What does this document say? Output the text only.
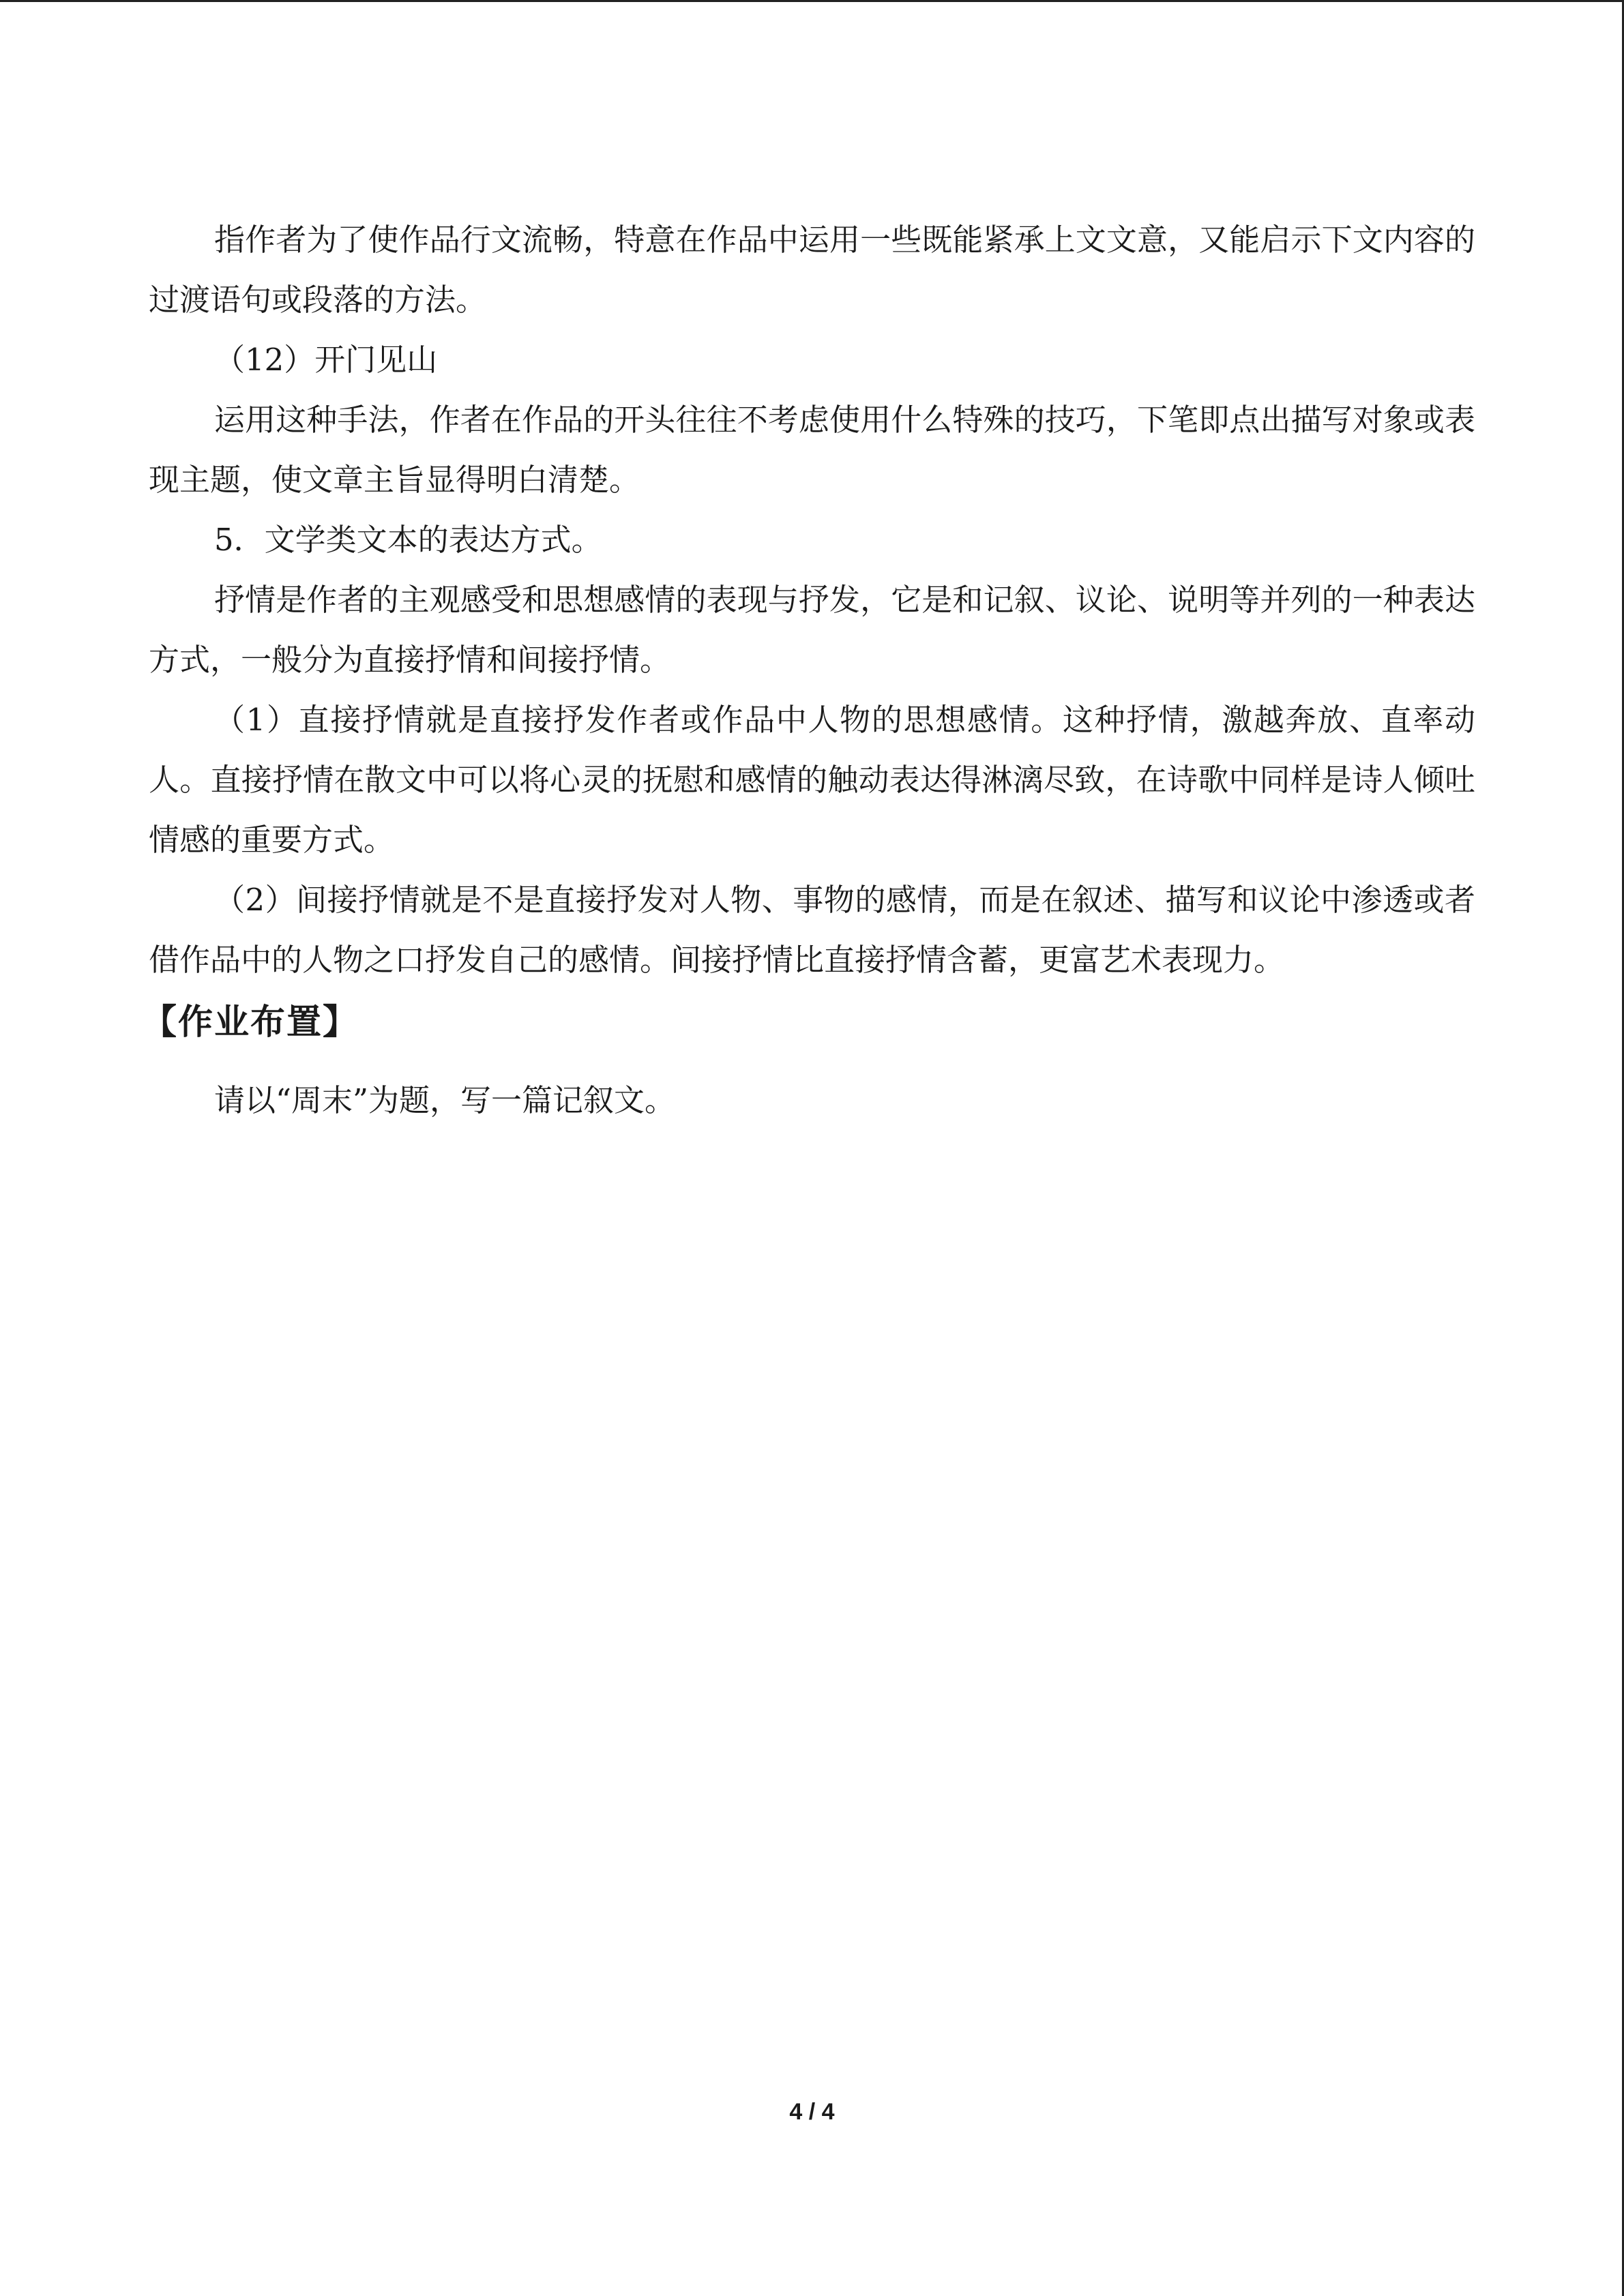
指作者为了使作品行文流畅，特意在作品中运用一些既能紧承上文文意，又能启示下文内容的过渡语句或段落的方法。

（12）开门见山

运用这种手法，作者在作品的开头往往不考虑使用什么特殊的技巧，下笔即点出描写对象或表现主题，使文章主旨显得明白清楚。

5．文学类文本的表达方式。

抒情是作者的主观感受和思想感情的表现与抒发，它是和记叙、议论、说明等并列的一种表达方式，一般分为直接抒情和间接抒情。

（1）直接抒情就是直接抒发作者或作品中人物的思想感情。这种抒情，激越奔放、直率动人。直接抒情在散文中可以将心灵的抚慰和感情的触动表达得淋漓尽致，在诗歌中同样是诗人倾吐情感的重要方式。

（2）间接抒情就是不是直接抒发对人物、事物的感情，而是在叙述、描写和议论中渗透或者借作品中的人物之口抒发自己的感情。间接抒情比直接抒情含蓄，更富艺术表现力。

【作业布置】

请以“周末”为题，写一篇记叙文。

4 / 4
